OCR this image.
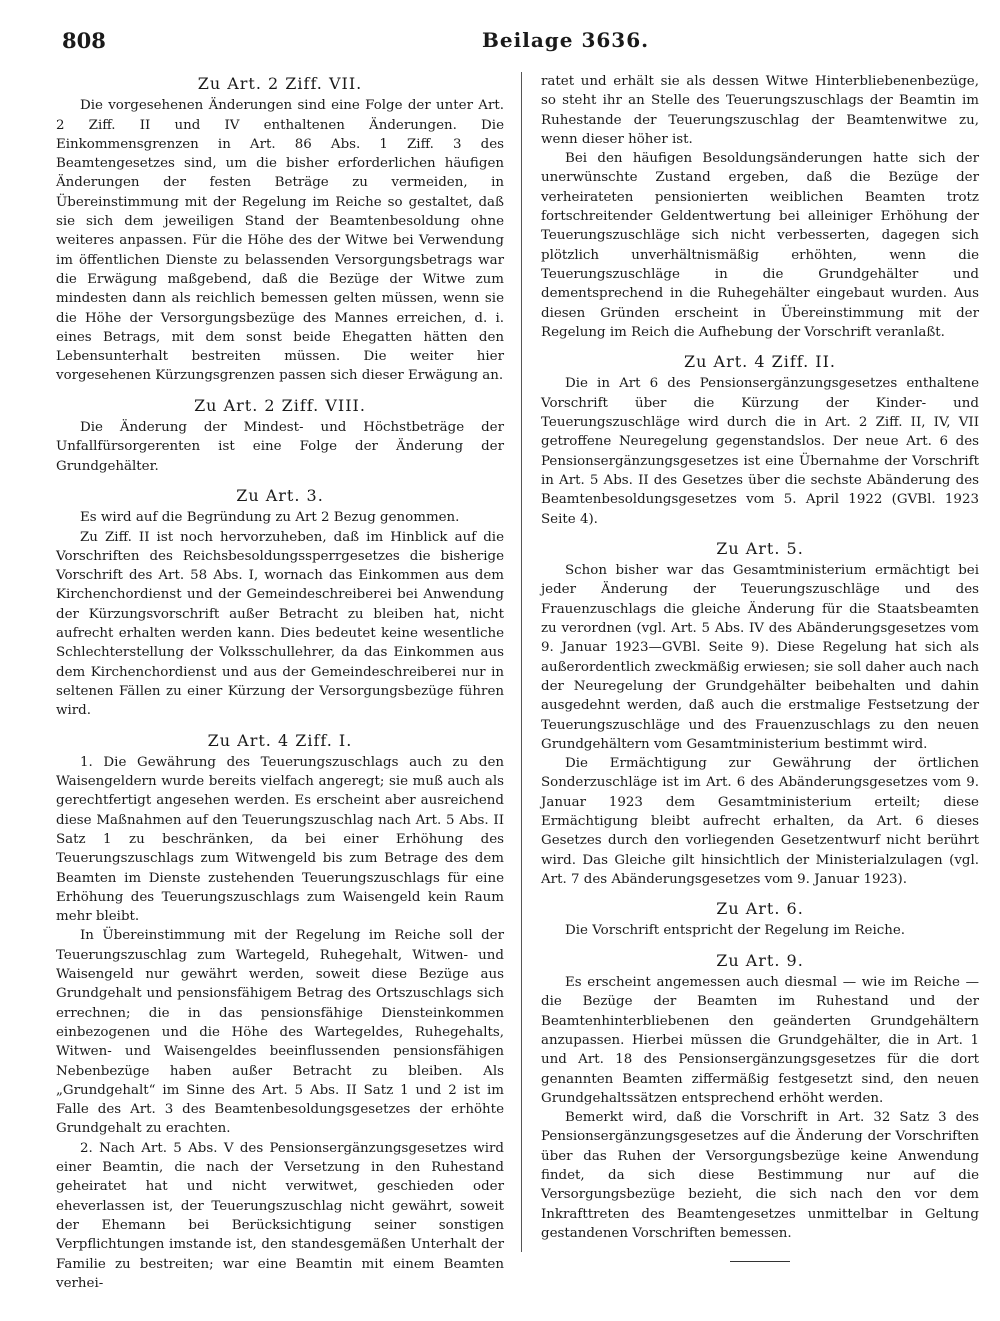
808	Beilage 3636.
Zu Art. 2 Ziff. VII.

Die vorgesehenen Änderungen sind eine Folge der unter Art. 2 Ziff. II und IV enthaltenen Änderungen. Die Einkommensgrenzen in Art. 86 Abs. 1 Ziff. 3 des Beamtengesetzes sind, um die bisher erforderlichen häufigen Änderungen der festen Beträge zu vermeiden, in Übereinstimmung mit der Regelung im Reiche so gestaltet, daß sie sich dem jeweiligen Stand der Beamtenbesoldung ohne weiteres anpassen. Für die Höhe des der Witwe bei Verwendung im öffentlichen Dienste zu belassenden Versorgungsbetrags war die Erwägung maßgebend, daß die Bezüge der Witwe zum mindesten dann als reichlich bemessen gelten müssen, wenn sie die Höhe der Versorgungsbezüge des Mannes erreichen, d. i. eines Betrags, mit dem sonst beide Ehegatten hätten den Lebensunterhalt bestreiten müssen. Die weiter hier vorgesehenen Kürzungsgrenzen passen sich dieser Erwägung an.

Zu Art. 2 Ziff. VIII.

Die Änderung der Mindest- und Höchstbeträge der Unfallfürsorgerenten ist eine Folge der Änderung der Grundgehälter.

Zu Art. 3.

Es wird auf die Begründung zu Art 2 Bezug genommen.

Zu Ziff. II ist noch hervorzuheben, daß im Hinblick auf die Vorschriften des Reichsbesoldungssperrgesetzes die bisherige Vorschrift des Art. 58 Abs. I, wornach das Einkommen aus dem Kirchenchordienst und der Gemeindeschreiberei bei Anwendung der Kürzungsvorschrift außer Betracht zu bleiben hat, nicht aufrecht erhalten werden kann. Dies bedeutet keine wesentliche Schlechterstellung der Volksschullehrer, da das Einkommen aus dem Kirchenchordienst und aus der Gemeindeschreiberei nur in seltenen Fällen zu einer Kürzung der Versorgungsbezüge führen wird.

Zu Art. 4 Ziff. I.

1. Die Gewährung des Teuerungszuschlags auch zu den Waisengeldern wurde bereits vielfach angeregt; sie muß auch als gerechtfertigt angesehen werden. Es erscheint aber ausreichend diese Maßnahmen auf den Teuerungszuschlag nach Art. 5 Abs. II Satz 1 zu beschränken, da bei einer Erhöhung des Teuerungszuschlags zum Witwengeld bis zum Betrage des dem Beamten im Dienste zustehenden Teuerungszuschlags für eine Erhöhung des Teuerungszuschlags zum Waisengeld kein Raum mehr bleibt.

In Übereinstimmung mit der Regelung im Reiche soll der Teuerungszuschlag zum Wartegeld, Ruhegehalt, Witwen- und Waisengeld nur gewährt werden, soweit diese Bezüge aus Grundgehalt und pensionsfähigem Betrag des Ortszuschlags sich errechnen; die in das pensionsfähige Diensteinkommen einbezogenen und die Höhe des Wartegeldes, Ruhegehalts, Witwen- und Waisengeldes beeinflussenden pensionsfähigen Nebenbezüge haben außer Betracht zu bleiben. Als „Grundgehalt“ im Sinne des Art. 5 Abs. II Satz 1 und 2 ist im Falle des Art. 3 des Beamtenbesoldungsgesetzes der erhöhte Grundgehalt zu erachten.

2. Nach Art. 5 Abs. V des Pensionsergänzungsgesetzes wird einer Beamtin, die nach der Versetzung in den Ruhestand geheiratet hat und nicht verwitwet, geschieden oder eheverlassen ist, der Teuerungszuschlag nicht gewährt, soweit der Ehemann bei Berücksichtigung seiner sonstigen Verpflichtungen imstande ist, den standesgemäßen Unterhalt der Familie zu bestreiten; war eine Beamtin mit einem Beamten verhei-

ratet und erhält sie als dessen Witwe Hinterbliebenenbezüge, so steht ihr an Stelle des Teuerungszuschlags der Beamtin im Ruhestande der Teuerungszuschlag der Beamtenwitwe zu, wenn dieser höher ist.

Bei den häufigen Besoldungsänderungen hatte sich der unerwünschte Zustand ergeben, daß die Bezüge der verheirateten pensionierten weiblichen Beamten trotz fortschreitender Geldentwertung bei alleiniger Erhöhung der Teuerungszuschläge sich nicht verbesserten, dagegen sich plötzlich unverhältnismäßig erhöhten, wenn die Teuerungszuschläge in die Grundgehälter und dementsprechend in die Ruhegehälter eingebaut wurden. Aus diesen Gründen erscheint in Übereinstimmung mit der Regelung im Reich die Aufhebung der Vorschrift veranlaßt.

Zu Art. 4 Ziff. II.

Die in Art 6 des Pensionsergänzungsgesetzes enthaltene Vorschrift über die Kürzung der Kinder- und Teuerungszuschläge wird durch die in Art. 2 Ziff. II, IV, VII getroffene Neuregelung gegenstandslos. Der neue Art. 6 des Pensionsergänzungsgesetzes ist eine Übernahme der Vorschrift in Art. 5 Abs. II des Gesetzes über die sechste Abänderung des Beamtenbesoldungsgesetzes vom 5. April 1922 (GVBl. 1923 Seite 4).

Zu Art. 5.

Schon bisher war das Gesamtministerium ermächtigt bei jeder Änderung der Teuerungszuschläge und des Frauenzuschlags die gleiche Änderung für die Staatsbeamten zu verordnen (vgl. Art. 5 Abs. IV des Abänderungsgesetzes vom 9. Januar 1923—GVBl. Seite 9). Diese Regelung hat sich als außerordentlich zweckmäßig erwiesen; sie soll daher auch nach der Neuregelung der Grundgehälter beibehalten und dahin ausgedehnt werden, daß auch die erstmalige Festsetzung der Teuerungszuschläge und des Frauenzuschlags zu den neuen Grundgehältern vom Gesamtministerium bestimmt wird.

Die Ermächtigung zur Gewährung der örtlichen Sonderzuschläge ist im Art. 6 des Abänderungsgesetzes vom 9. Januar 1923 dem Gesamtministerium erteilt; diese Ermächtigung bleibt aufrecht erhalten, da Art. 6 dieses Gesetzes durch den vorliegenden Gesetzentwurf nicht berührt wird. Das Gleiche gilt hinsichtlich der Ministerialzulagen (vgl. Art. 7 des Abänderungsgesetzes vom 9. Januar 1923).

Zu Art. 6.

Die Vorschrift entspricht der Regelung im Reiche.

Zu Art. 9.

Es erscheint angemessen auch diesmal — wie im Reiche — die Bezüge der Beamten im Ruhestand und der Beamtenhinterbliebenen den geänderten Grundgehältern anzupassen. Hierbei müssen die Grundgehälter, die in Art. 1 und Art. 18 des Pensionsergänzungsgesetzes für die dort genannten Beamten ziffermäßig festgesetzt sind, den neuen Grundgehaltssätzen entsprechend erhöht werden.

Bemerkt wird, daß die Vorschrift in Art. 32 Satz 3 des Pensionsergänzungsgesetzes auf die Änderung der Vorschriften über das Ruhen der Versorgungsbezüge keine Anwendung findet, da sich diese Bestimmung nur auf die Versorgungsbezüge bezieht, die sich nach den vor dem Inkrafttreten des Beamtengesetzes unmittelbar in Geltung gestandenen Vorschriften bemessen.
